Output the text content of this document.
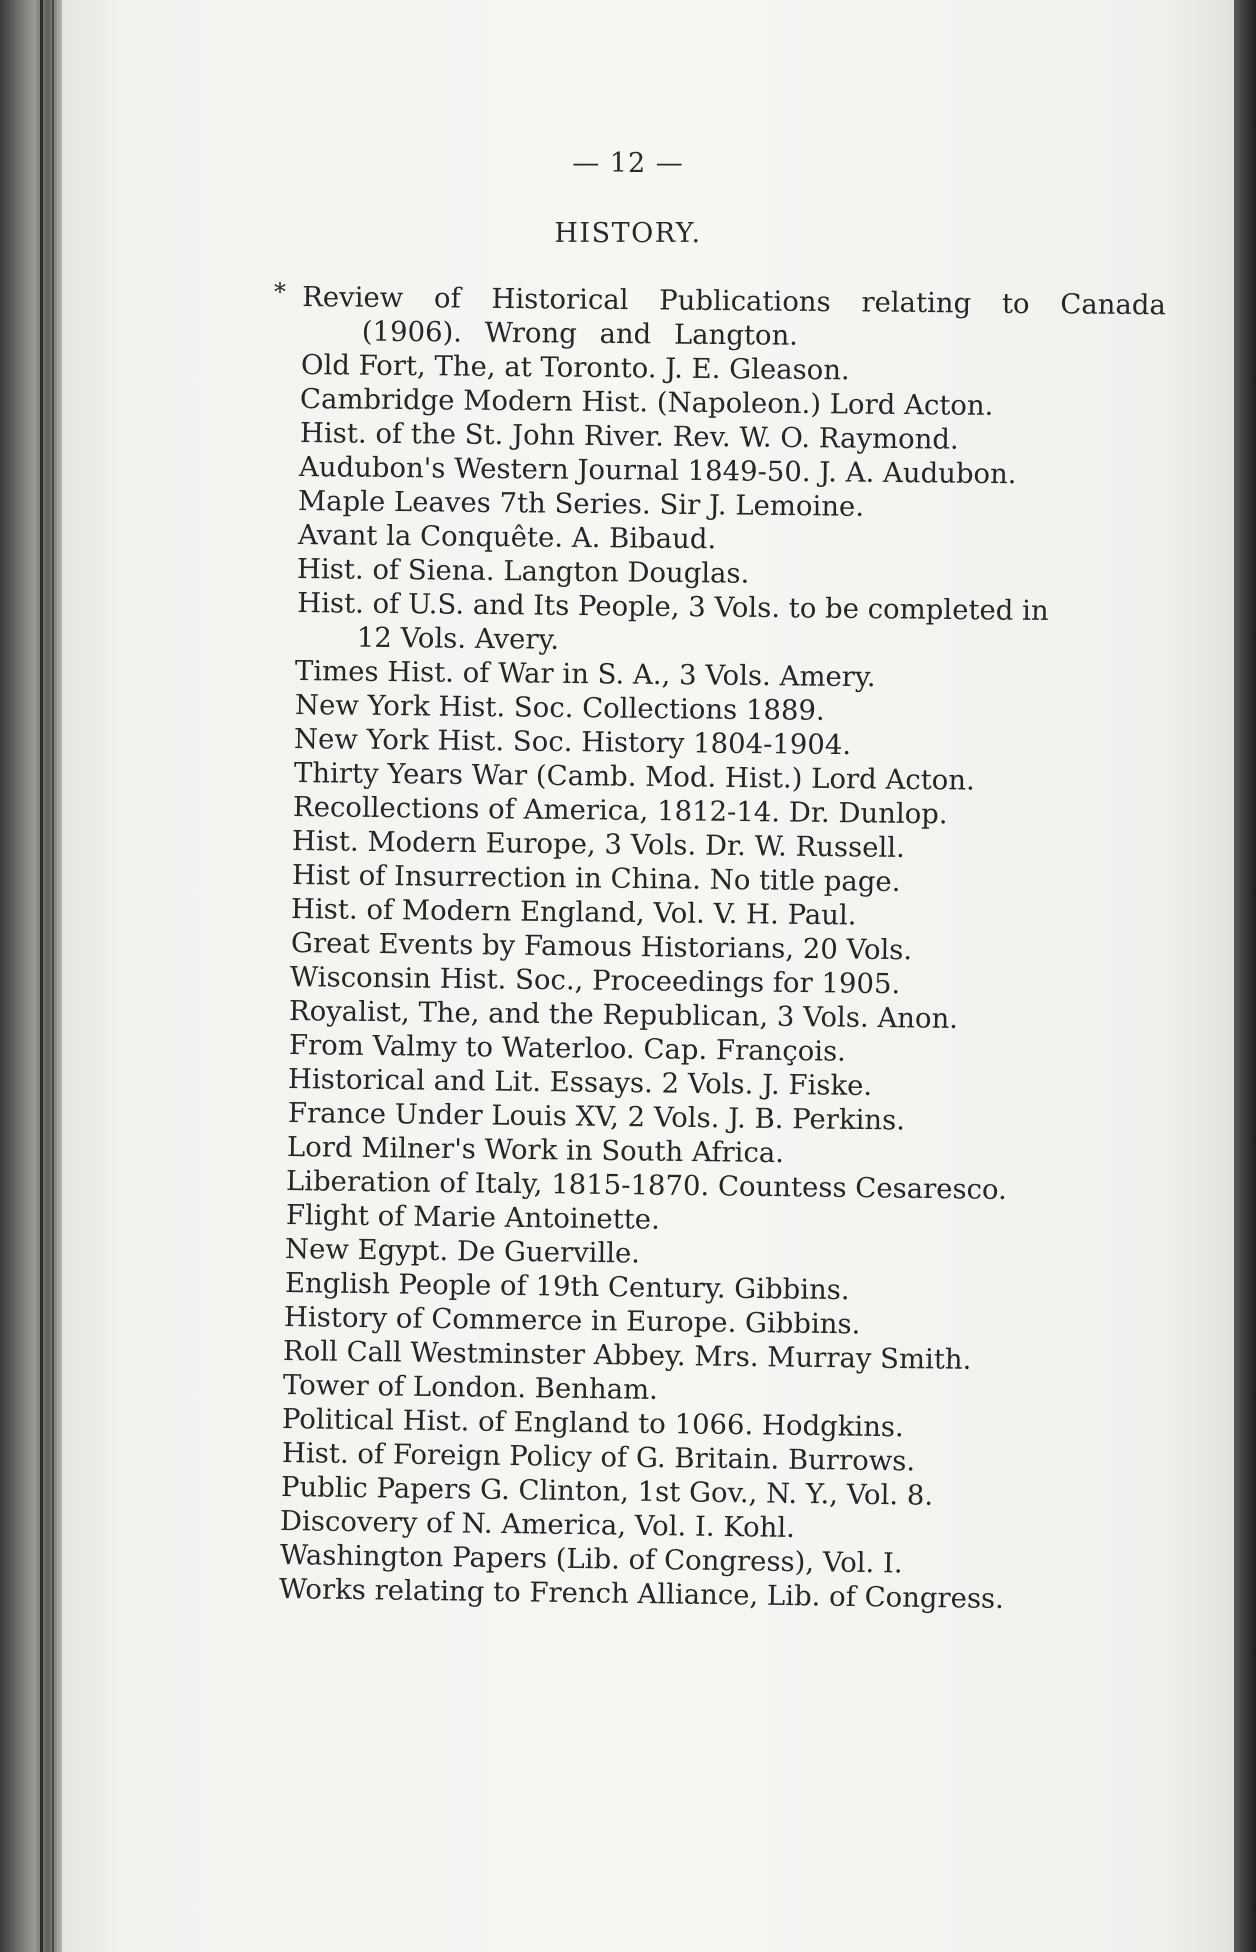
— 12 —
HISTORY.
Review of Historical Publications relating to Canada
(1906). Wrong and Langton.
*
Old Fort, The, at Toronto. J. E. Gleason.
Cambridge Modern Hist. (Napoleon.) Lord Acton.
Hist. of the St. John River. Rev. W. O. Raymond.
Audubon's Western Journal 1849-50. J. A. Audubon.
Maple Leaves 7th Series. Sir J. Lemoine.
Avant la Conquête. A. Bibaud.
Hist. of Siena. Langton Douglas.
Hist. of U.S. and Its People, 3 Vols. to be completed in
12 Vols. Avery.
Times Hist. of War in S. A., 3 Vols. Amery.
New York Hist. Soc. Collections 1889.
New York Hist. Soc. History 1804-1904.
Thirty Years War (Camb. Mod. Hist.) Lord Acton.
Recollections of America, 1812-14. Dr. Dunlop.
Hist. Modern Europe, 3 Vols. Dr. W. Russell.
Hist of Insurrection in China. No title page.
Hist. of Modern England, Vol. V. H. Paul.
Great Events by Famous Historians, 20 Vols.
Wisconsin Hist. Soc., Proceedings for 1905.
Royalist, The, and the Republican, 3 Vols. Anon.
From Valmy to Waterloo. Cap. François.
Historical and Lit. Essays. 2 Vols. J. Fiske.
France Under Louis XV, 2 Vols. J. B. Perkins.
Lord Milner's Work in South Africa.
Liberation of Italy, 1815-1870. Countess Cesaresco.
Flight of Marie Antoinette.
New Egypt. De Guerville.
English People of 19th Century. Gibbins.
History of Commerce in Europe. Gibbins.
Roll Call Westminster Abbey. Mrs. Murray Smith.
Tower of London. Benham.
Political Hist. of England to 1066. Hodgkins.
Hist. of Foreign Policy of G. Britain. Burrows.
Public Papers G. Clinton, 1st Gov., N. Y., Vol. 8.
Discovery of N. America, Vol. I. Kohl.
Washington Papers (Lib. of Congress), Vol. I.
Works relating to French Alliance, Lib. of Congress.
